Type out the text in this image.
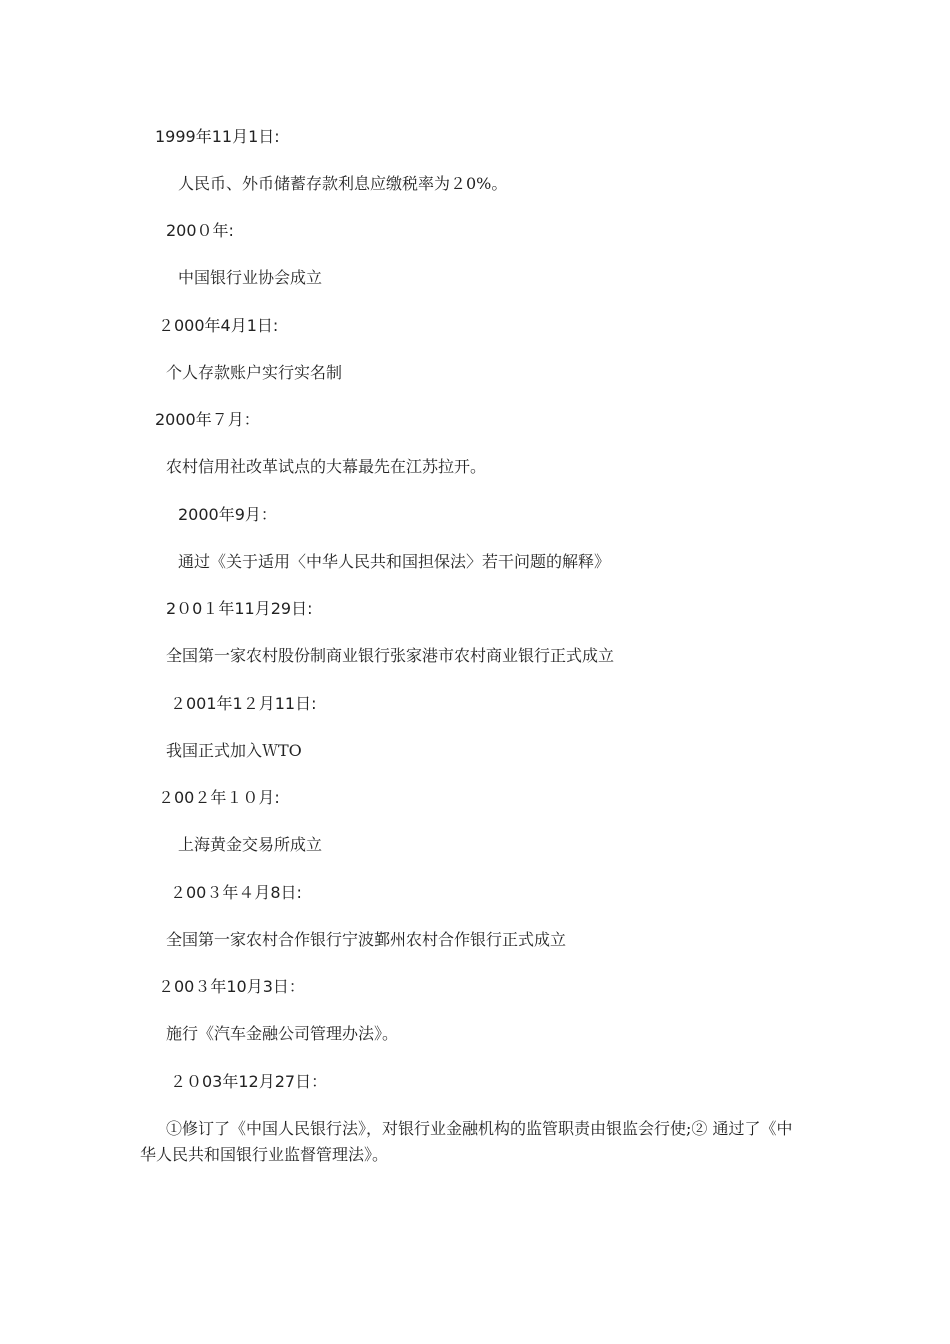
1999年11月1日:
人民币、外币储蓄存款利息应缴税率为２0%。
200０年:
中国银行业协会成立
２000年4月1日:
个人存款账户实行实名制
2000年７月：
农村信用社改革试点的大幕最先在江苏拉开。
2000年9月：
通过《关于适用〈中华人民共和国担保法〉若干问题的解释》
2０0１年11月29日:
全国第一家农村股份制商业银行张家港市农村商业银行正式成立
２001年1２月11日:
我国正式加入ＷTO
２00２年１０月:
上海黄金交易所成立
２00３年４月8日:
全国第一家农村合作银行宁波鄞州农村合作银行正式成立
２00３年10月3日：
施行《汽车金融公司管理办法》。
２０03年12月27日：
①修订了《中国人民银行法》，对银行业金融机构的监管职责由银监会行使;② 通过了《中华人民共和国银行业监督管理法》。
